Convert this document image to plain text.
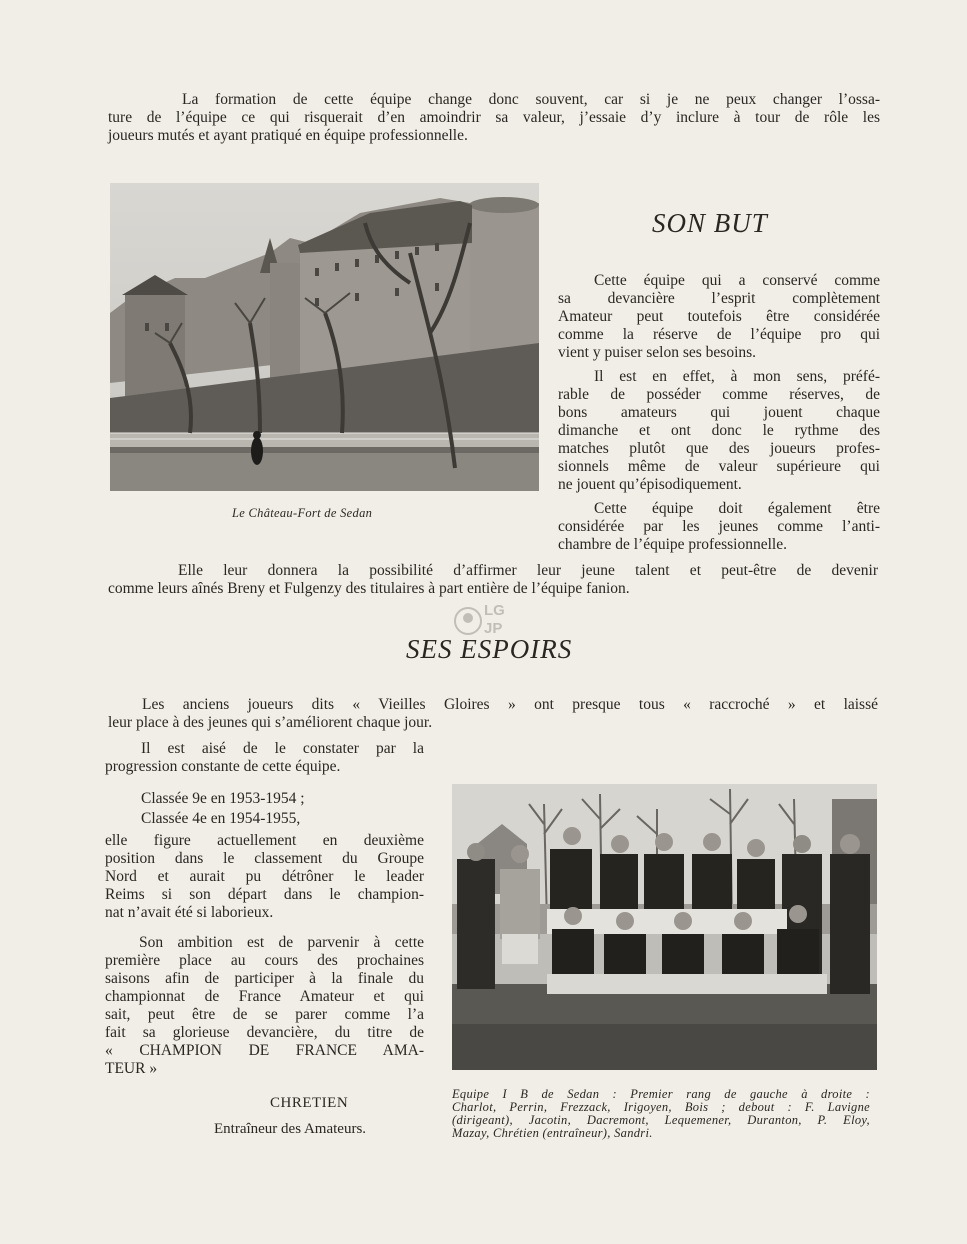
La formation de cette équipe change donc souvent, car si je ne peux changer l’ossa-
ture de l’équipe ce qui risquerait d’en amoindrir sa valeur, j’essaie d’y inclure à tour de rôle les
joueurs mutés et ayant pratiqué en équipe professionnelle.

Le Château-Fort de Sedan

SON BUT
Cette équipe qui a conservé comme
sa devancière l’esprit complètement
Amateur peut toutefois être considérée
comme la réserve de l’équipe pro qui
vient y puiser selon ses besoins.
Il est en effet, à mon sens, préfé-
rable de posséder comme réserves, de
bons amateurs qui jouent chaque
dimanche et ont donc le rythme des
matches plutôt que des joueurs profes-
sionnels même de valeur supérieure qui
ne jouent qu’épisodiquement.
Cette équipe doit également être
considérée par les jeunes comme l’anti-
chambre de l’équipe professionnelle.
Elle leur donnera la possibilité d’affirmer leur jeune talent et peut-être de devenir
comme leurs aînés Breny et Fulgenzy des titulaires à part entière de l’équipe fanion.
LG JP
SES ESPOIRS
Les anciens joueurs dits « Vieilles Gloires » ont presque tous « raccroché » et laissé
leur place à des jeunes qui s’améliorent chaque jour.
Il est aisé de le constater par la
progression constante de cette équipe.

Classée 9e en 1953-1954 ;

Classée 4e en 1954-1955,

elle figure actuellement en deuxième
position dans le classement du Groupe
Nord et aurait pu détrôner le leader
Reims si son départ dans le champion-
nat n’avait été si laborieux.
Son ambition est de parvenir à cette
première place au cours des prochaines
saisons afin de participer à la finale du
championnat de France Amateur et qui
sait, peut être de se parer comme l’a
fait sa glorieuse devancière, du titre de
« CHAMPION DE FRANCE AMA-
TEUR »

CHRETIEN

Entraîneur des Amateurs.

Equipe I B de Sedan : Premier rang de gauche à droite :
Charlot, Perrin, Frezzack, Irigoyen, Bois ; debout : F. Lavigne
(dirigeant), Jacotin, Dacremont, Lequemener, Duranton, P. Eloy,
Mazay, Chrétien (entraîneur), Sandri.
